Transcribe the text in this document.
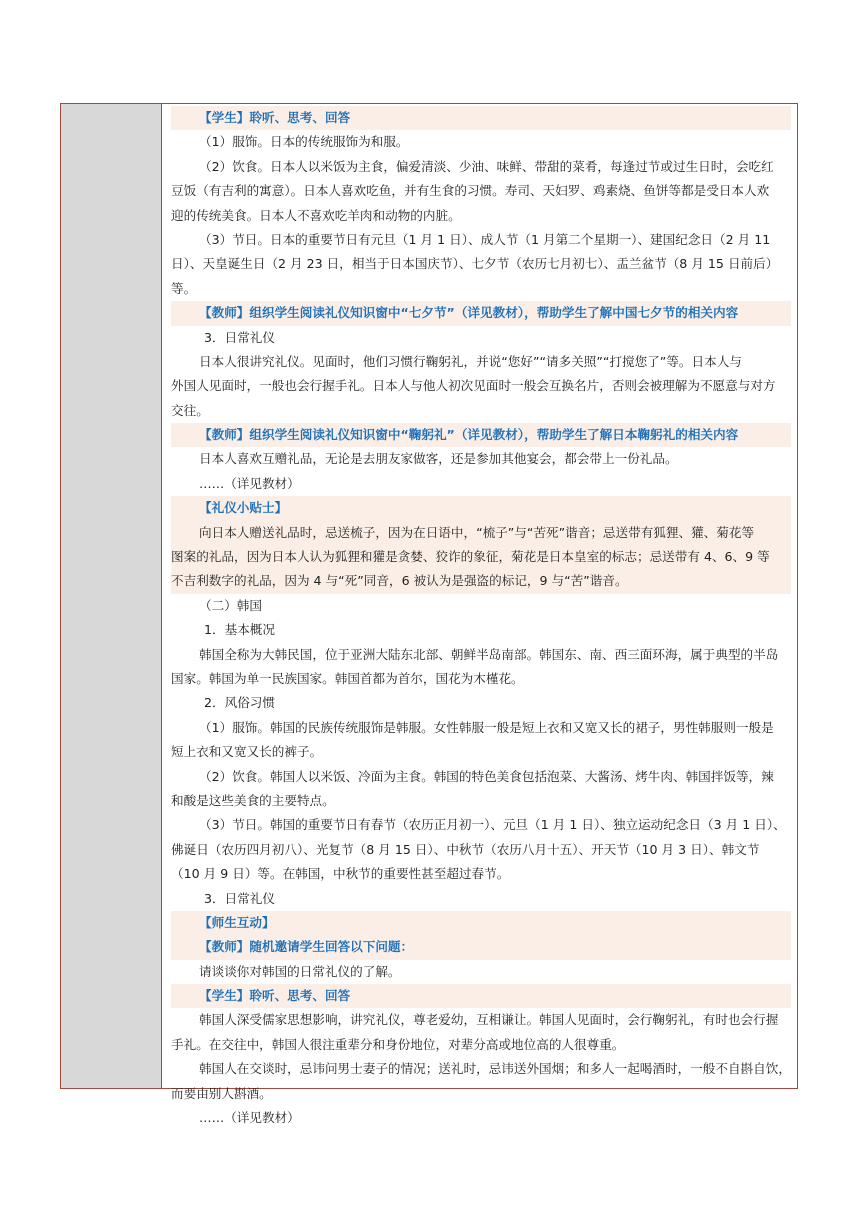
【学生】聆听、思考、回答
（1）服饰。日本的传统服饰为和服。
（2）饮食。日本人以米饭为主食，偏爱清淡、少油、味鲜、带甜的菜肴，每逢过节或过生日时，会吃红
豆饭（有吉利的寓意）。日本人喜欢吃鱼，并有生食的习惯。寿司、天妇罗、鸡素烧、鱼饼等都是受日本人欢
迎的传统美食。日本人不喜欢吃羊肉和动物的内脏。
（3）节日。日本的重要节日有元旦（1 月 1 日）、成人节（1 月第二个星期一）、建国纪念日（2 月 11
日）、天皇诞生日（2 月 23 日，相当于日本国庆节）、七夕节（农历七月初七）、盂兰盆节（8 月 15 日前后）
等。
【教师】组织学生阅读礼仪知识窗中“七夕节”（详见教材），帮助学生了解中国七夕节的相关内容
3．日常礼仪
日本人很讲究礼仪。见面时，他们习惯行鞠躬礼，并说“您好”“请多关照”“打搅您了”等。日本人与
外国人见面时，一般也会行握手礼。日本人与他人初次见面时一般会互换名片，否则会被理解为不愿意与对方
交往。
【教师】组织学生阅读礼仪知识窗中“鞠躬礼”（详见教材），帮助学生了解日本鞠躬礼的相关内容
日本人喜欢互赠礼品，无论是去朋友家做客，还是参加其他宴会，都会带上一份礼品。
……（详见教材）
【礼仪小贴士】
向日本人赠送礼品时，忌送梳子，因为在日语中，“梳子”与“苦死”谐音；忌送带有狐狸、獾、菊花等
图案的礼品，因为日本人认为狐狸和獾是贪婪、狡诈的象征，菊花是日本皇室的标志；忌送带有 4、6、9 等
不吉利数字的礼品，因为 4 与“死”同音，6 被认为是强盗的标记，9 与“苦”谐音。
（二）韩国
1．基本概况
韩国全称为大韩民国，位于亚洲大陆东北部、朝鲜半岛南部。韩国东、南、西三面环海，属于典型的半岛
国家。韩国为单一民族国家。韩国首都为首尔，国花为木槿花。
2．风俗习惯
（1）服饰。韩国的民族传统服饰是韩服。女性韩服一般是短上衣和又宽又长的裙子，男性韩服则一般是
短上衣和又宽又长的裤子。
（2）饮食。韩国人以米饭、冷面为主食。韩国的特色美食包括泡菜、大酱汤、烤牛肉、韩国拌饭等，辣
和酸是这些美食的主要特点。
（3）节日。韩国的重要节日有春节（农历正月初一）、元旦（1 月 1 日）、独立运动纪念日（3 月 1 日）、
佛诞日（农历四月初八）、光复节（8 月 15 日）、中秋节（农历八月十五）、开天节（10 月 3 日）、韩文节
（10 月 9 日）等。在韩国，中秋节的重要性甚至超过春节。
3．日常礼仪
【师生互动】
【教师】随机邀请学生回答以下问题：
请谈谈你对韩国的日常礼仪的了解。
【学生】聆听、思考、回答
韩国人深受儒家思想影响，讲究礼仪，尊老爱幼，互相谦让。韩国人见面时，会行鞠躬礼，有时也会行握
手礼。在交往中，韩国人很注重辈分和身份地位，对辈分高或地位高的人很尊重。
韩国人在交谈时，忌讳问男士妻子的情况；送礼时，忌讳送外国烟；和多人一起喝酒时，一般不自斟自饮，
而要由别人斟酒。
……（详见教材）
